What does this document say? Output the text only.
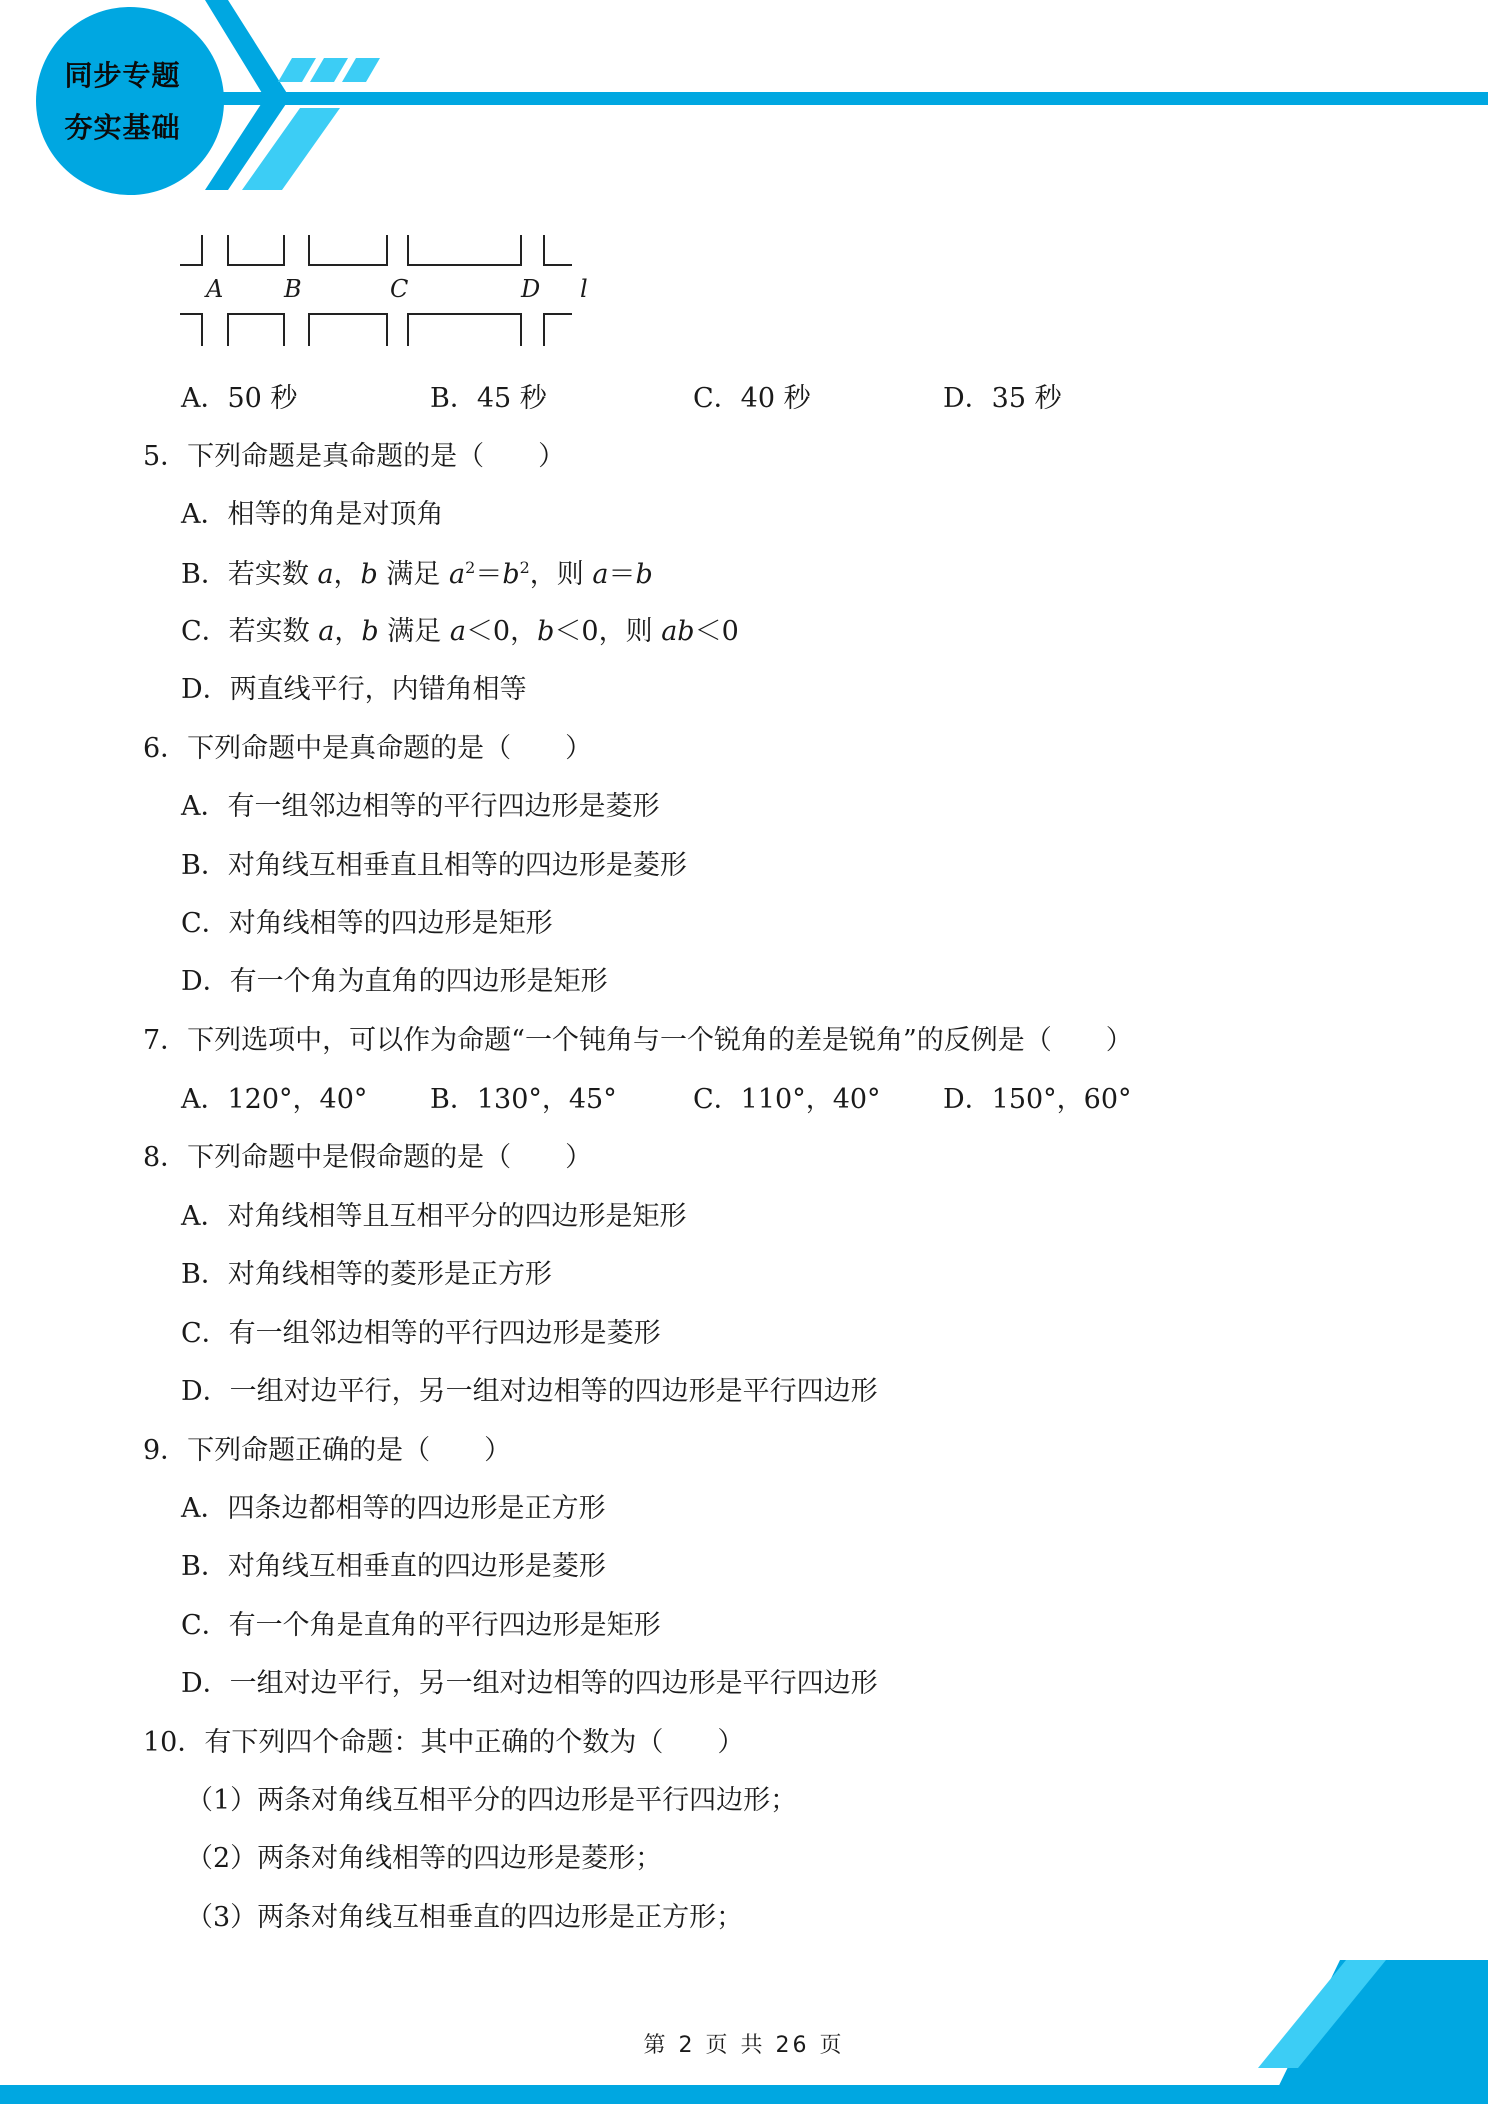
同步专题
夯实基础
A	B	C	D l
A．50 秒	B．45 秒	C．40 秒	D．35 秒
5．下列命题是真命题的是（　　）
A．相等的角是对顶角
B．若实数 a，b 满足 $a^2=b^2$，则 a＝b
C．若实数 a，b 满足 a＜0，b＜0，则 ab＜0
D．两直线平行，内错角相等
6．下列命题中是真命题的是（　　）
A．有一组邻边相等的平行四边形是菱形
B．对角线互相垂直且相等的四边形是菱形
C．对角线相等的四边形是矩形
D．有一个角为直角的四边形是矩形
7．下列选项中，可以作为命题“一个钝角与一个锐角的差是锐角”的反例是（　　）
A．120°，40° B．130°，45°	C．110°，40° D．150°，60°
8．下列命题中是假命题的是（　　）
A．对角线相等且互相平分的四边形是矩形
B．对角线相等的菱形是正方形
C．有一组邻边相等的平行四边形是菱形
D．一组对边平行，另一组对边相等的四边形是平行四边形
9．下列命题正确的是（　　）
A．四条边都相等的四边形是正方形
B．对角线互相垂直的四边形是菱形
C．有一个角是直角的平行四边形是矩形
D．一组对边平行，另一组对边相等的四边形是平行四边形
10．有下列四个命题：其中正确的个数为（　　）
（1）两条对角线互相平分的四边形是平行四边形；
（2）两条对角线相等的四边形是菱形；
（3）两条对角线互相垂直的四边形是正方形；
第 2 页 共 26 页
